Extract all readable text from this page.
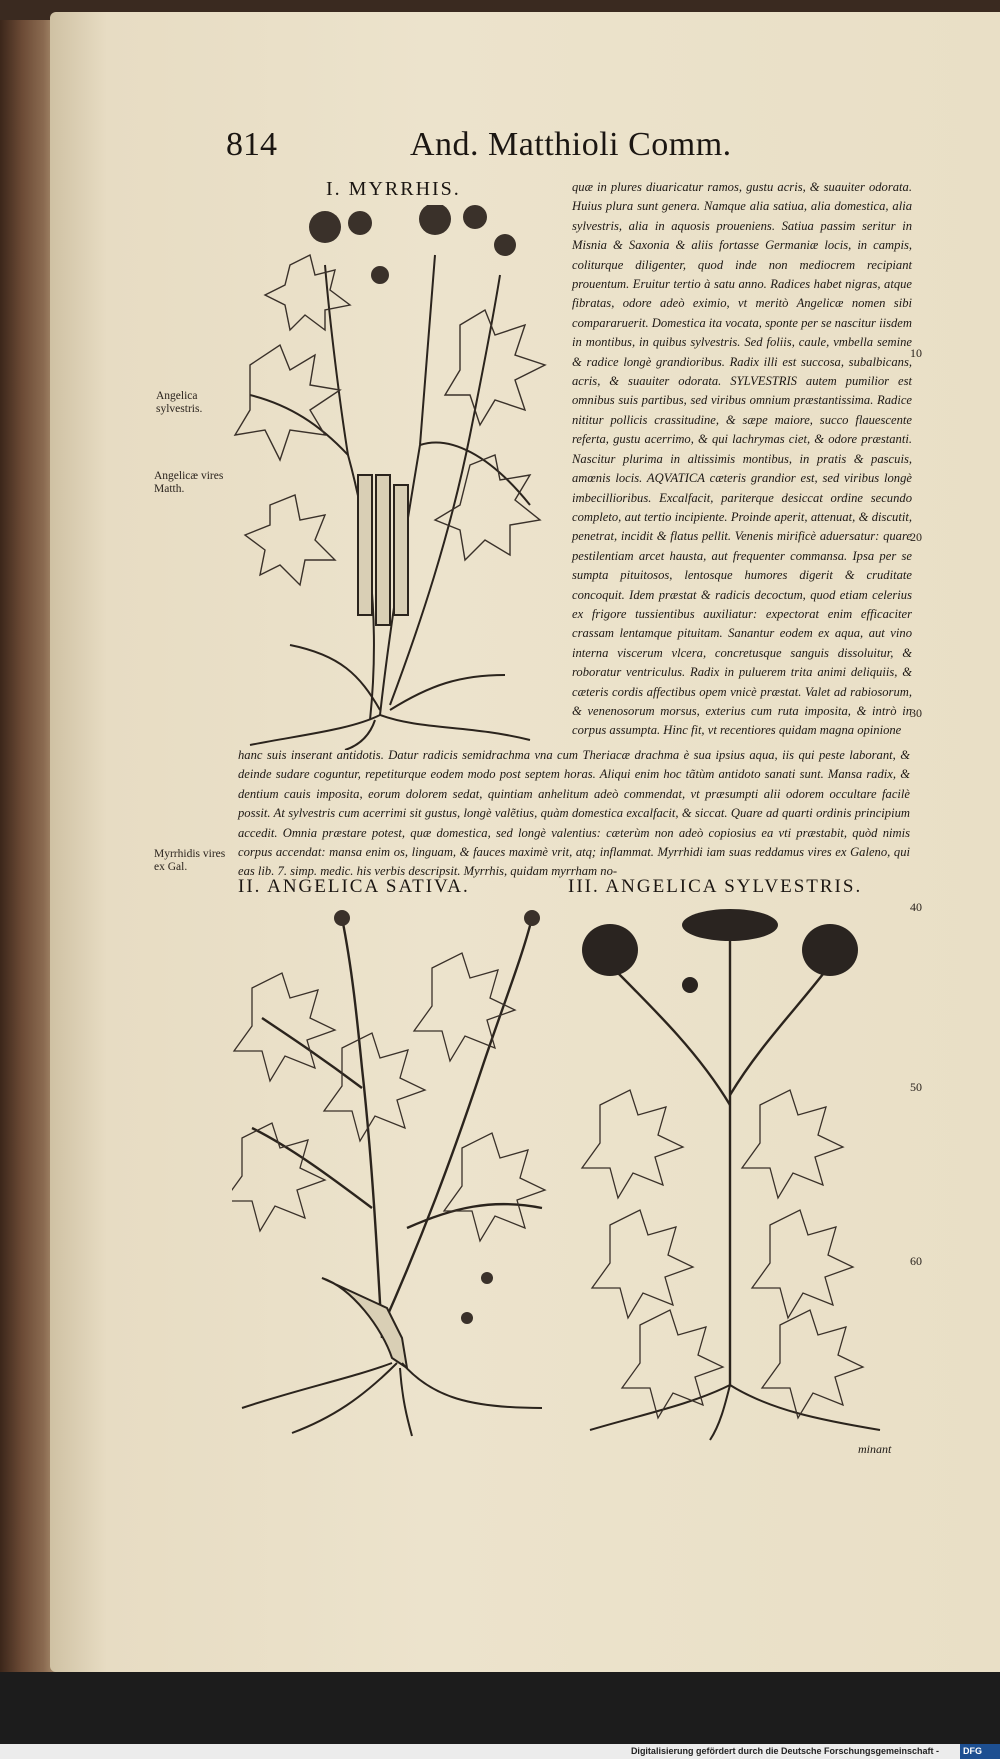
814	And. Matthioli Comm.
I. MYRRHIS.	quæ in plures diuaricatur ramos, gustu acris, & suauiter odorata. Huius plura sunt genera. Namque alia satiua, alia domestica, alia sylvestris, alia in aquosis proueniens. Satiua passim seritur in Misnia & Saxonia & aliis fortasse Germaniæ locis, in campis, coliturque diligenter, quod inde non mediocrem recipiant prouentum. Eruitur tertio à satu anno. Radices habet nigras, atque fibratas, odore adeò eximio, vt meritò Angelicæ nomen sibi compararuerit. Domestica ita vocata, sponte per se nascitur iisdem in montibus, in quibus sylvestris. Sed foliis, caule, vmbella semine & radice longè grandioribus. Radix illi est succosa, subalbicans, acris, & suauiter odorata. SYLVESTRIS autem pumilior est omnibus suis partibus, sed viribus omnium præstantissima. Radice nititur pollicis crassitudine, & sæpe maiore, succo flauescente referta, gustu acerrimo, & qui lachrymas ciet, & odore præstanti. Nascitur plurima in altissimis montibus, in pratis & pascuis, amœnis locis. AQVATICA cæteris grandior est, sed viribus longè imbecillioribus. Excalfacit, pariterque desiccat ordine secundo completo, aut tertio incipiente. Proinde aperit, attenuat, & discutit, penetrat, incidit & flatus pellit. Venenis mirificè aduersatur: quare pestilentiam arcet hausta, aut frequenter commansa. Ipsa per se sumpta pituitosos, lentosque humores digerit & cruditate concoquit. Idem præstat & radicis decoctum, quod etiam celerius ex frigore tussientibus auxiliatur: expectorat enim efficaciter crassam lentamque pituitam. Sanantur eodem ex aqua, aut vino interna viscerum vlcera, concretusque sanguis dissoluitur, & roboratur ventriculus. Radix in puluerem trita animi deliquiis, & cæteris cordis affectibus opem vnicè præstat. Valet ad rabiosorum, & venenosorum morsus, exterius cum ruta imposita, & intrò in corpus assumpta. Hinc fit, vt recentiores quidam magna opinione

Angelica sylvestris.
Angelicæ vires Matth.
Myrrhidis vires ex Gal.
10
20
30
40
50
60

hanc suis inserant antidotis. Datur radicis semidrachma vna cum Theriacæ drachma è sua ipsius aqua, iis qui peste laborant, & deinde sudare coguntur, repetiturque eodem modo post septem horas. Aliqui enim hoc tãtùm antidoto sanati sunt. Mansa radix, & dentium cauis imposita, eorum dolorem sedat, quintiam anhelitum adeò commendat, vt præsumpti alii odorem occultare facilè possit. At sylvestris cum acerrimi sit gustus, longè valẽtius, quàm domestica excalfacit, & siccat. Quare ad quarti ordinis principium accedit. Omnia præstare potest, quæ domestica, sed longè valentius: cæterùm non adeò copiosius ea vti præstabit, quòd nimis corpus accendat: mansa enim os, linguam, & fauces maximè vrit, atq; inflammat. Myrrhidi iam suas reddamus vires ex Galeno, qui eas lib. 7. simp. medic. his verbis descripsit. Myrrhis, quidam myrrham no-

II. ANGELICA SATIVA.	III. ANGELICA SYLVESTRIS.
minant
Digitalisierung gefördert durch die Deutsche Forschungsgemeinschaft -	DFG
